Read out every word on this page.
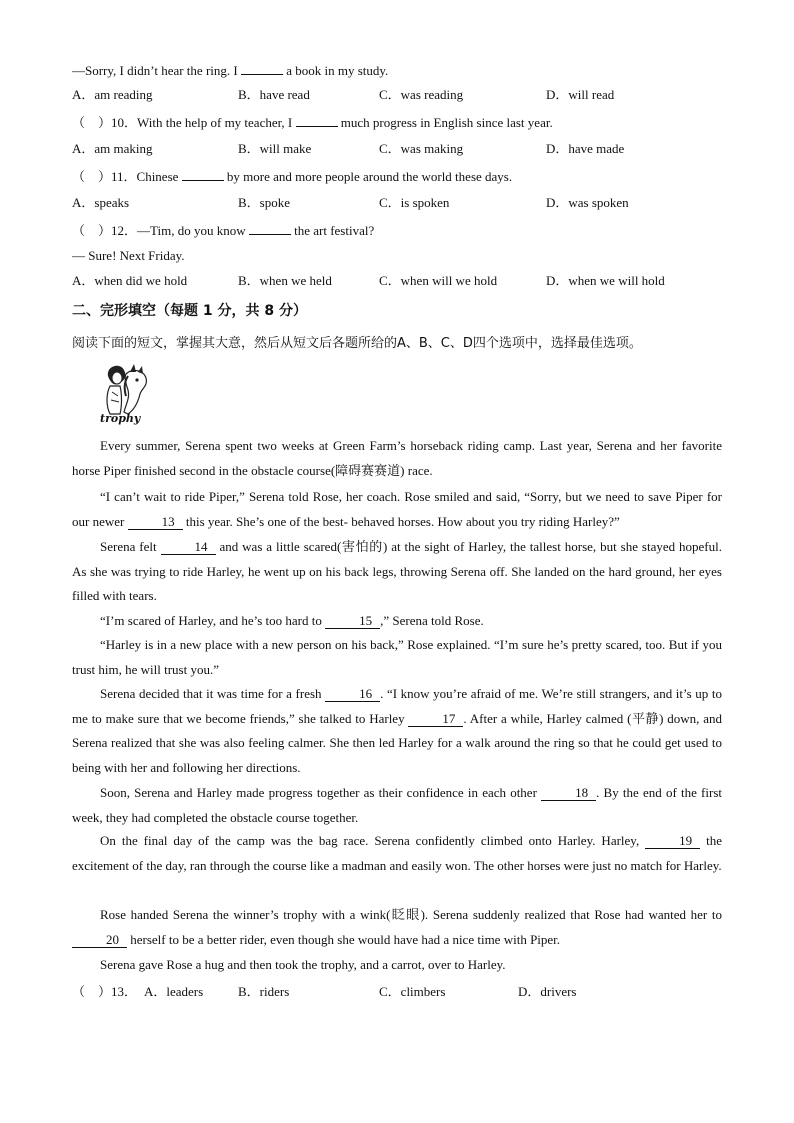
—Sorry, I didn’t hear the ring. I	a book in my study.
A．am reading	B．have read	C．was reading	D．will read
（　）10．With the help of my teacher, I	much progress in English since last year.
A．am making	B．will make	C．was making	D．have made
（　）11．Chinese	by more and more people around the world these days.
A．speaks	B．spoke	C．is spoken	D．was spoken
（　）12．—Tim, do you know	the art festival?
— Sure! Next Friday.
A．when did we hold	B．when we held	C．when will we hold	D．when we will hold
二、完形填空（每题 1 分，共 8 分）
阅读下面的短文，掌握其大意，然后从短文后各题所给的A、B、C、D四个选项中，选择最佳选项。
trophy
Every summer, Serena spent two weeks at Green Farm’s horseback riding camp. Last year, Serena and her favorite horse Piper finished second in the obstacle course(障碍赛赛道) race.
“I can’t wait to ride Piper,” Serena told Rose, her coach. Rose smiled and said, “Sorry, but we need to save Piper for our newer	13 this year. She’s one of the best- behaved horses. How about you try riding Harley?”
Serena felt	14 and was a little scared(害怕的) at the sight of Harley, the tallest horse, but she stayed hopeful. As she was trying to ride Harley, he went up on his back legs, throwing Serena off. She landed on the hard ground, her eyes filled with tears.
“I’m scared of Harley, and he’s too hard to	15 ,” Serena told Rose.
“Harley is in a new place with a new person on his back,” Rose explained. “I’m sure he’s pretty scared, too. But if you trust him, he will trust you.”
Serena decided that it was time for a fresh	16 . “I know you’re afraid of me. We’re still strangers, and it’s up to me to make sure that we become friends,” she talked to Harley	17 . After a while, Harley calmed (平静) down, and Serena realized that she was also feeling calmer. She then led Harley for a walk around the ring so that he could get used to being with her and following her directions.
Soon, Serena and Harley made progress together as their confidence in each other	18 . By the end of the first week, they had completed the obstacle course together.
On the final day of the camp was the bag race. Serena confidently climbed onto Harley. Harley,	19 the excitement of the day, ran through the course like a madman and easily won. The other horses were just no match for Harley.
Rose handed Serena the winner’s trophy with a wink(眨眼). Serena suddenly realized that Rose had wanted her to 20 herself to be a better rider, even though she would have had a nice time with Piper.
Serena gave Rose a hug and then took the trophy, and a carrot, over to Harley.
（　）13． A．leaders	B．riders	C．climbers	D．drivers
